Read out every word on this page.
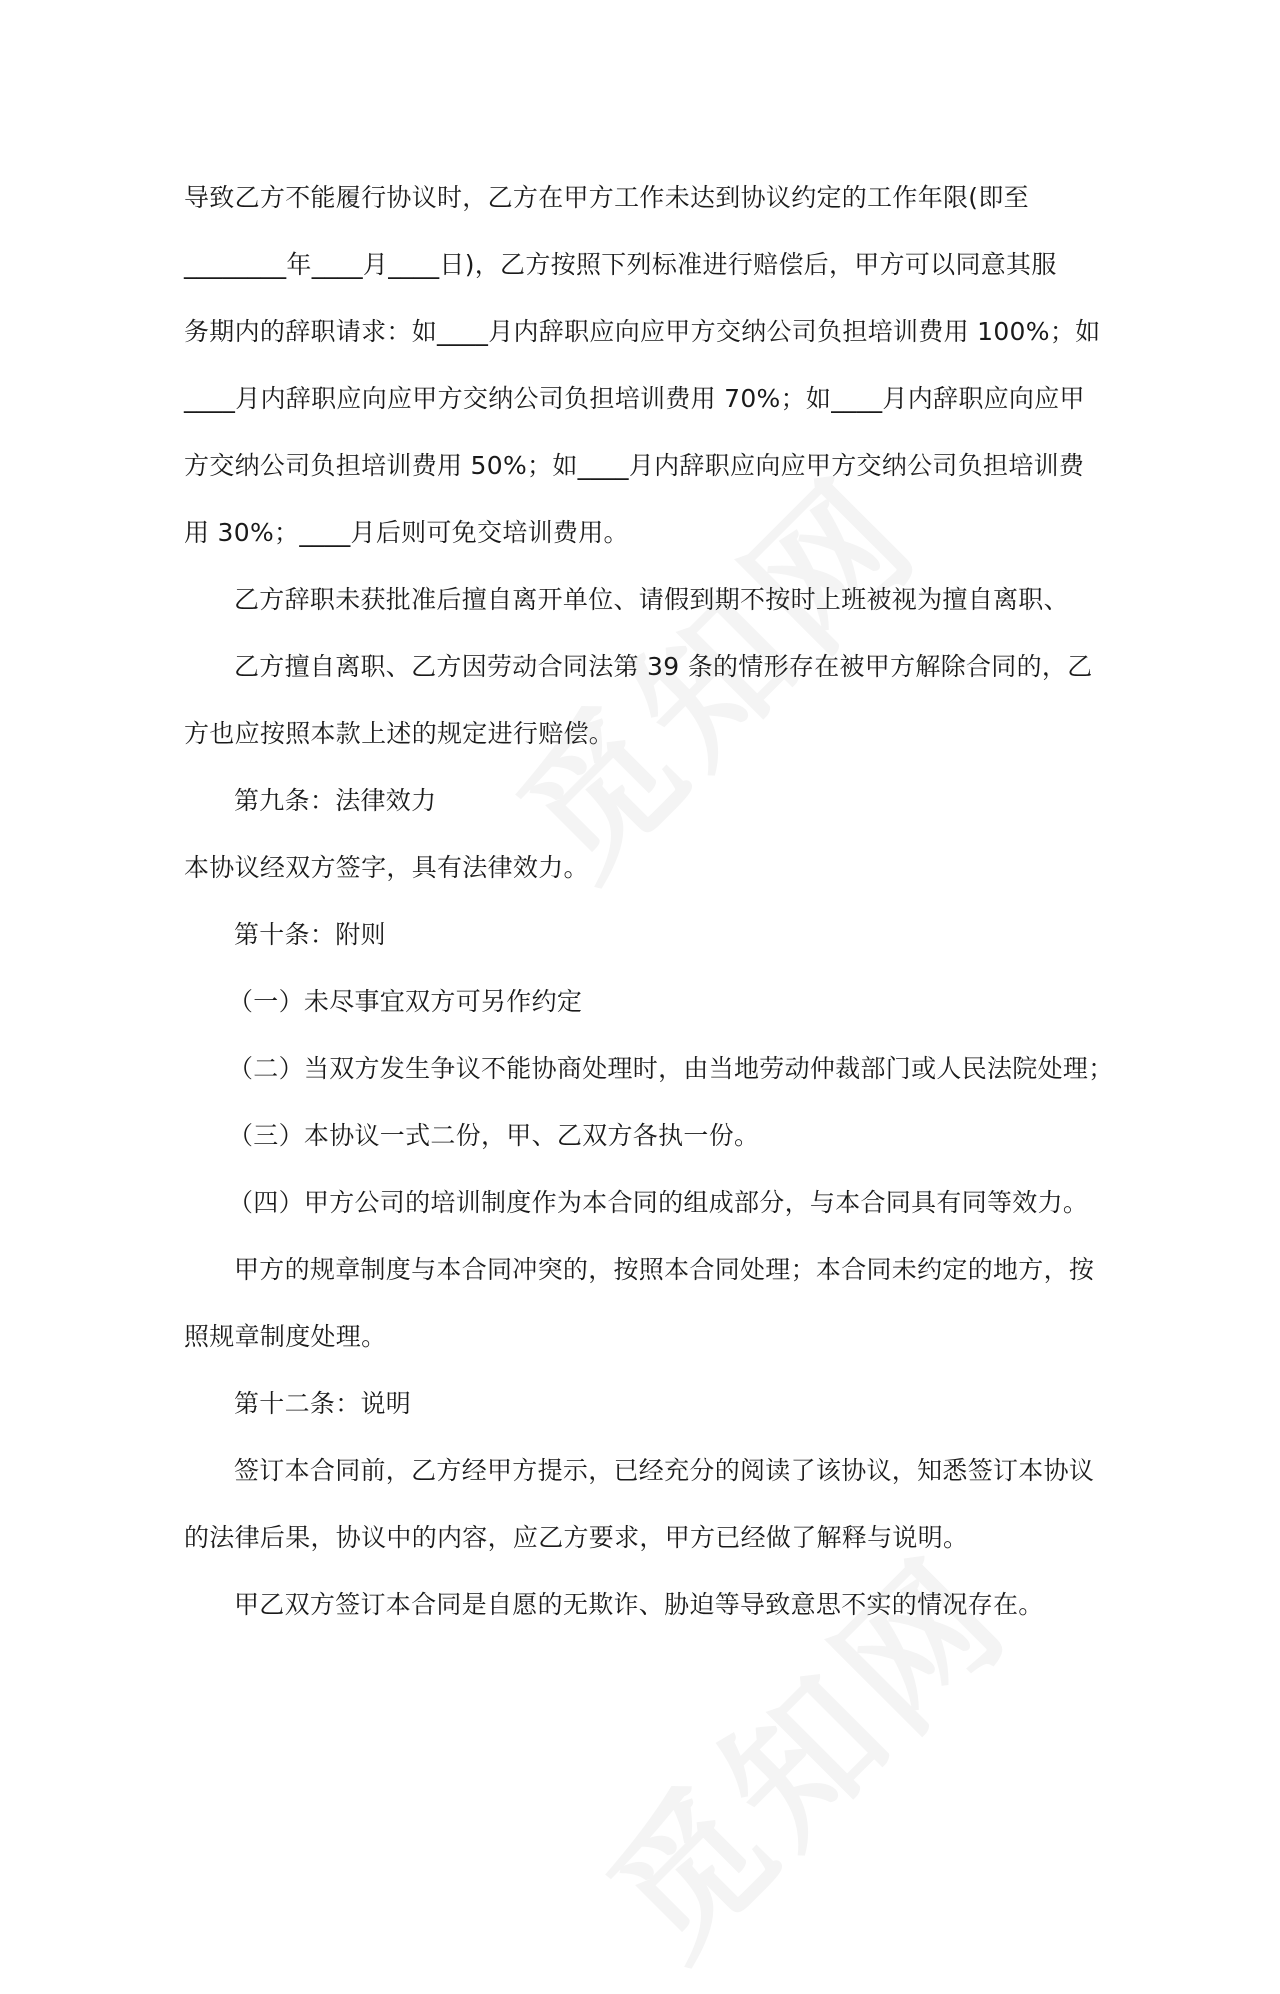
导致乙方不能履行协议时，乙方在甲方工作未达到协议约定的工作年限(即至
________年____月____日)，乙方按照下列标准进行赔偿后，甲方可以同意其服
务期内的辞职请求：如____月内辞职应向应甲方交纳公司负担培训费用 100%；如
____月内辞职应向应甲方交纳公司负担培训费用 70%；如____月内辞职应向应甲
方交纳公司负担培训费用 50%；如____月内辞职应向应甲方交纳公司负担培训费
用 30%；____月后则可免交培训费用。

乙方辞职未获批准后擅自离开单位、请假到期不按时上班被视为擅自离职、

乙方擅自离职、乙方因劳动合同法第 39 条的情形存在被甲方解除合同的，乙
方也应按照本款上述的规定进行赔偿。

第九条：法律效力

本协议经双方签字，具有法律效力。

第十条：附则

（一）未尽事宜双方可另作约定

（二）当双方发生争议不能协商处理时，由当地劳动仲裁部门或人民法院处理；

（三）本协议一式二份，甲、乙双方各执一份。

（四）甲方公司的培训制度作为本合同的组成部分，与本合同具有同等效力。

甲方的规章制度与本合同冲突的，按照本合同处理；本合同未约定的地方，按
照规章制度处理。

第十二条：说明

签订本合同前，乙方经甲方提示，已经充分的阅读了该协议，知悉签订本协议
的法律后果，协议中的内容，应乙方要求，甲方已经做了解释与说明。

甲乙双方签订本合同是自愿的无欺诈、胁迫等导致意思不实的情况存在。
